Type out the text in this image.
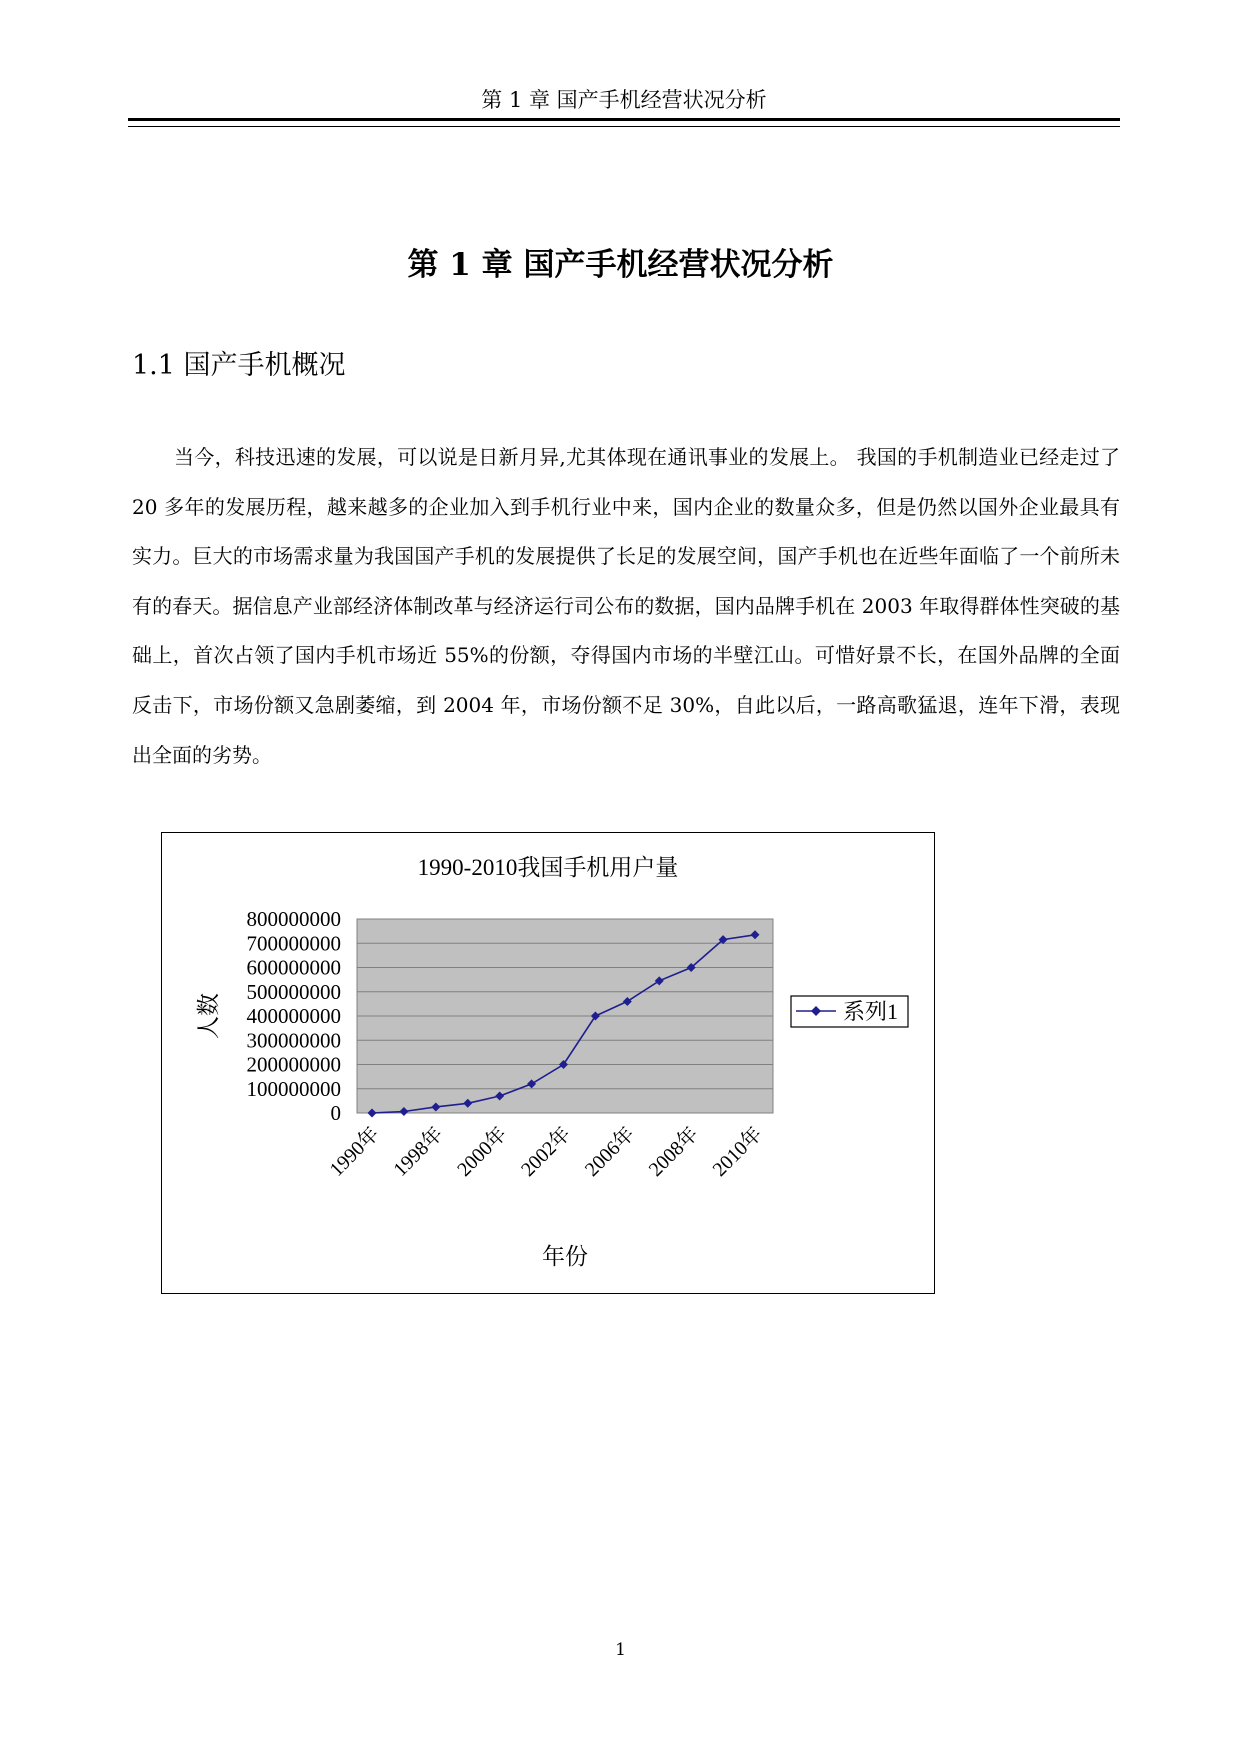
第 1 章 国产手机经营状况分析
第 1 章 国产手机经营状况分析
1.1 国产手机概况

当今，科技迅速的发展，可以说是日新月异,尤其体现在通讯事业的发展上。 我国的手机制造业已经走过了 20 多年的发展历程，越来越多的企业加入到手机行业中来，国内企业的数量众多，但是仍然以国外企业最具有实力。巨大的市场需求量为我国国产手机的发展提供了长足的发展空间，国产手机也在近些年面临了一个前所未有的春天。据信息产业部经济体制改革与经济运行司公布的数据，国内品牌手机在 2003 年取得群体性突破的基础上，首次占领了国内手机市场近 55%的份额，夺得国内市场的半壁江山。可惜好景不长，在国外品牌的全面反击下，市场份额又急剧萎缩，到 2004 年，市场份额不足 30%，自此以后，一路高歌猛退，连年下滑，表现出全面的劣势。

1990-2010我国手机用户量
0
100000000
200000000
300000000
400000000
500000000
600000000
700000000
800000000
1990年 1998年 2000年 2002年 2006年 2008年 2010年
人数
年份
系列1
1
